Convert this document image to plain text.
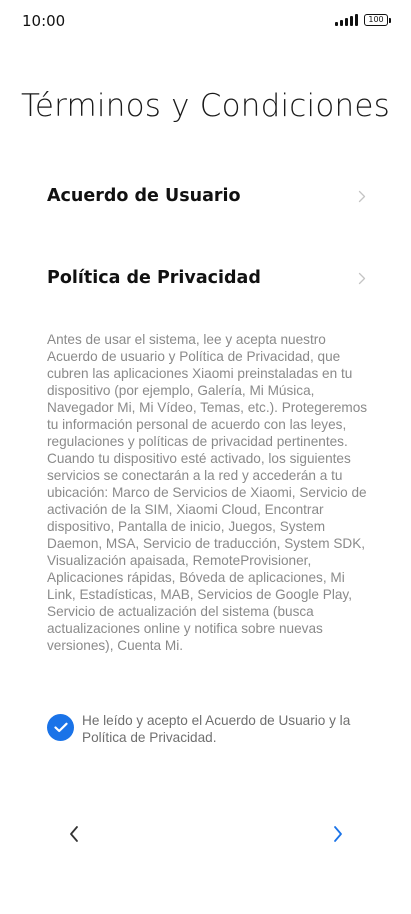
10:00	100
Términos y Condiciones
Acuerdo de Usuario
Política de Privacidad
Antes de usar el sistema, lee y acepta nuestro Acuerdo de usuario y Política de Privacidad, que cubren las aplicaciones Xiaomi preinstaladas en tu dispositivo (por ejemplo, Galería, Mi Música, Navegador Mi, Mi Vídeo, Temas, etc.). Protegeremos tu información personal de acuerdo con las leyes, regulaciones y políticas de privacidad pertinentes. Cuando tu dispositivo esté activado, los siguientes servicios se conectarán a la red y accederán a tu ubicación: Marco de Servicios de Xiaomi, Servicio de activación de la SIM, Xiaomi Cloud, Encontrar dispositivo, Pantalla de inicio, Juegos, System Daemon, MSA, Servicio de traducción, System SDK, Visualización apaisada, RemoteProvisioner, Aplicaciones rápidas, Bóveda de aplicaciones, Mi Link, Estadísticas, MAB, Servicios de Google Play, Servicio de actualización del sistema (busca actualizaciones online y notifica sobre nuevas versiones), Cuenta Mi.
He leído y acepto el Acuerdo de Usuario y la Política de Privacidad.
